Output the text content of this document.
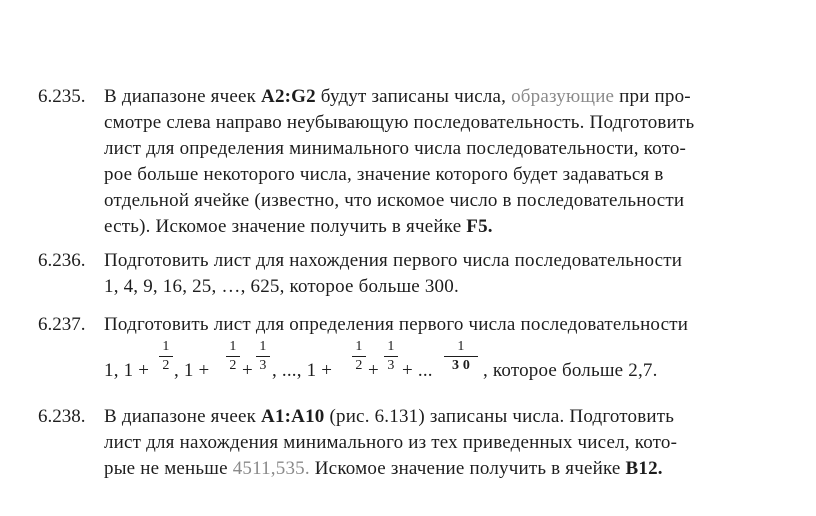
6.235. В диапазоне ячеек A2:G2 будут записаны числа, образующие при про-
смотре слева направо неубывающую последовательность. Подготовить
лист для определения минимального числа последовательности, кото-
рое больше некоторого числа, значение которого будет задаваться в
отдельной ячейке (известно, что искомое число в последовательности
есть). Искомое значение получить в ячейке F5.
6.236. Подготовить лист для нахождения первого числа последовательности
1, 4, 9, 16, 25, …, 625, которое больше 300.
6.237. Подготовить лист для определения первого числа последовательности
1, 1 +
1
2 , 1 +
1
2 +
1
3 , ..., 1 +
1
2 +
1
3 + ...
1
3 0 , которое больше 2,7.
6.238. В диапазоне ячеек A1:A10 (рис. 6.131) записаны числа. Подготовить
лист для нахождения минимального из тех приведенных чисел, кото-
рые не меньше 4511,535. Искомое значение получить в ячейке B12.
